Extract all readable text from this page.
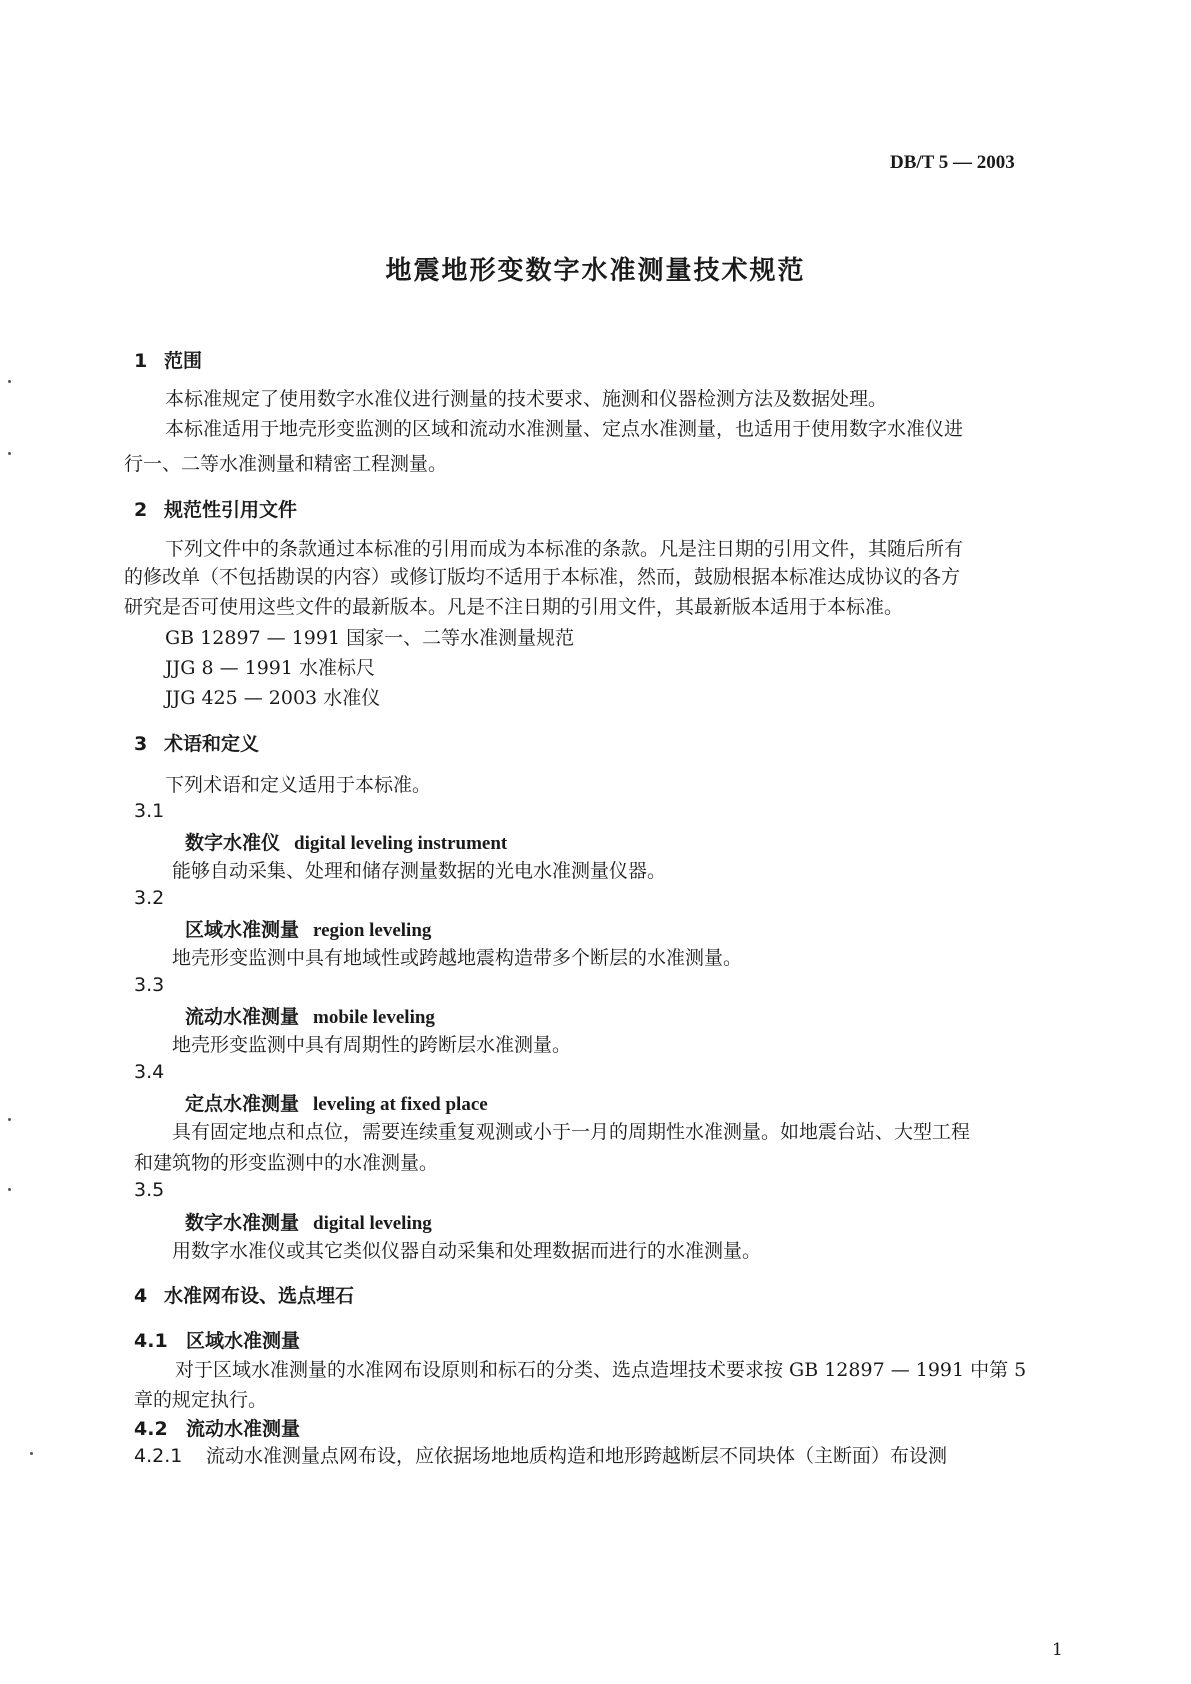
DB/T 5 — 2003
地震地形变数字水准测量技术规范
1 范围
本标准规定了使用数字水准仪进行测量的技术要求、施测和仪器检测方法及数据处理。
本标准适用于地壳形变监测的区域和流动水准测量、定点水准测量，也适用于使用数字水准仪进
行一、二等水准测量和精密工程测量。
2 规范性引用文件
下列文件中的条款通过本标准的引用而成为本标准的条款。凡是注日期的引用文件，其随后所有
的修改单（不包括勘误的内容）或修订版均不适用于本标准，然而，鼓励根据本标准达成协议的各方
研究是否可使用这些文件的最新版本。凡是不注日期的引用文件，其最新版本适用于本标准。
GB 12897 — 1991 国家一、二等水准测量规范
JJG 8 — 1991 水准标尺
JJG 425 — 2003 水准仪
3 术语和定义
下列术语和定义适用于本标准。
3.1
数字水准仪 digital leveling instrument
能够自动采集、处理和储存测量数据的光电水准测量仪器。
3.2
区域水准测量 region leveling
地壳形变监测中具有地域性或跨越地震构造带多个断层的水准测量。
3.3
流动水准测量 mobile leveling
地壳形变监测中具有周期性的跨断层水准测量。
3.4
定点水准测量 leveling at fixed place
具有固定地点和点位，需要连续重复观测或小于一月的周期性水准测量。如地震台站、大型工程
和建筑物的形变监测中的水准测量。
3.5
数字水准测量 digital leveling
用数字水准仪或其它类似仪器自动采集和处理数据而进行的水准测量。
4 水准网布设、选点埋石
4.1 区域水准测量
对于区域水准测量的水准网布设原则和标石的分类、选点造埋技术要求按 GB 12897 — 1991 中第 5
章的规定执行。
4.2 流动水准测量
4.2.1 流动水准测量点网布设，应依据场地地质构造和地形跨越断层不同块体（主断面）布设测
1
